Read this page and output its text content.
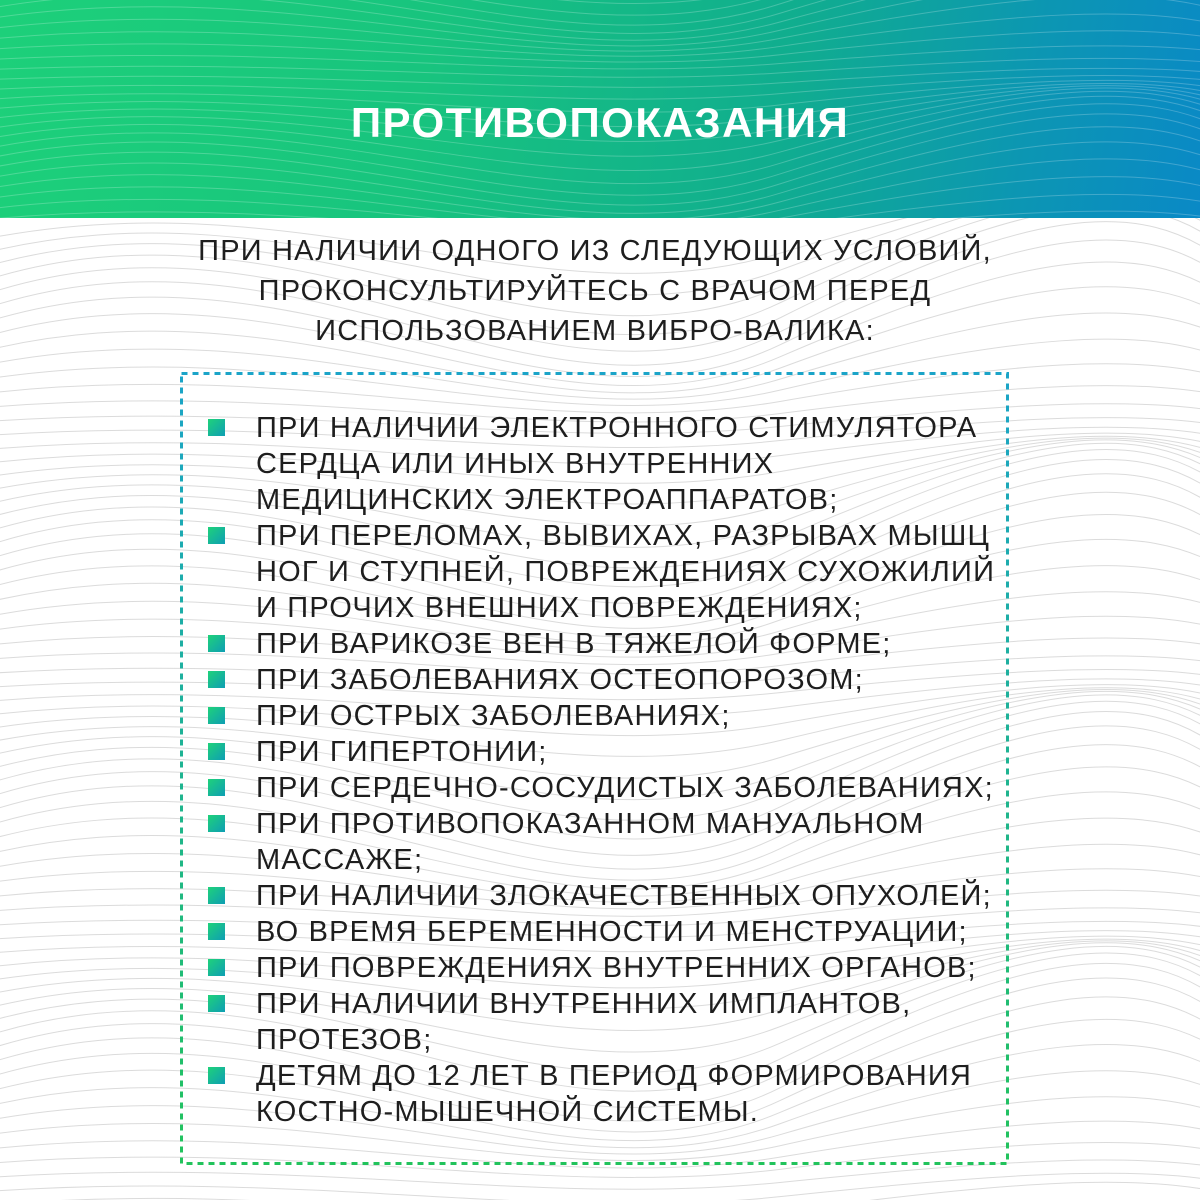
ПРОТИВОПОКАЗАНИЯ

ПРИ НАЛИЧИИ ОДНОГО ИЗ СЛЕДУЮЩИХ УСЛОВИЙ, ПРОКОНСУЛЬТИРУЙТЕСЬ С ВРАЧОМ ПЕРЕД ИСПОЛЬЗОВАНИЕМ ВИБРО-ВАЛИКА:

ПРИ НАЛИЧИИ ЭЛЕКТРОННОГО СТИМУЛЯТОРА СЕРДЦА ИЛИ ИНЫХ ВНУТРЕННИХ МЕДИЦИНСКИХ ЭЛЕКТРОАППАРАТОВ;
ПРИ ПЕРЕЛОМАХ, ВЫВИХАХ, РАЗРЫВАХ МЫШЦ НОГ И СТУПНЕЙ, ПОВРЕЖДЕНИЯХ СУХОЖИЛИЙ И ПРОЧИХ ВНЕШНИХ ПОВРЕЖДЕНИЯХ;
ПРИ ВАРИКОЗЕ ВЕН В ТЯЖЕЛОЙ ФОРМЕ;
ПРИ ЗАБОЛЕВАНИЯХ ОСТЕОПОРОЗОМ;
ПРИ ОСТРЫХ ЗАБОЛЕВАНИЯХ;
ПРИ ГИПЕРТОНИИ;
ПРИ СЕРДЕЧНО-СОСУДИСТЫХ ЗАБОЛЕВАНИЯХ;
ПРИ ПРОТИВОПОКАЗАННОМ МАНУАЛЬНОМ МАССАЖЕ;
ПРИ НАЛИЧИИ ЗЛОКАЧЕСТВЕННЫХ ОПУХОЛЕЙ;
ВО ВРЕМЯ БЕРЕМЕННОСТИ И МЕНСТРУАЦИИ;
ПРИ ПОВРЕЖДЕНИЯХ ВНУТРЕННИХ ОРГАНОВ;
ПРИ НАЛИЧИИ ВНУТРЕННИХ ИМПЛАНТОВ, ПРОТЕЗОВ;
ДЕТЯМ ДО 12 ЛЕТ В ПЕРИОД ФОРМИРОВАНИЯ КОСТНО-МЫШЕЧНОЙ СИСТЕМЫ.
